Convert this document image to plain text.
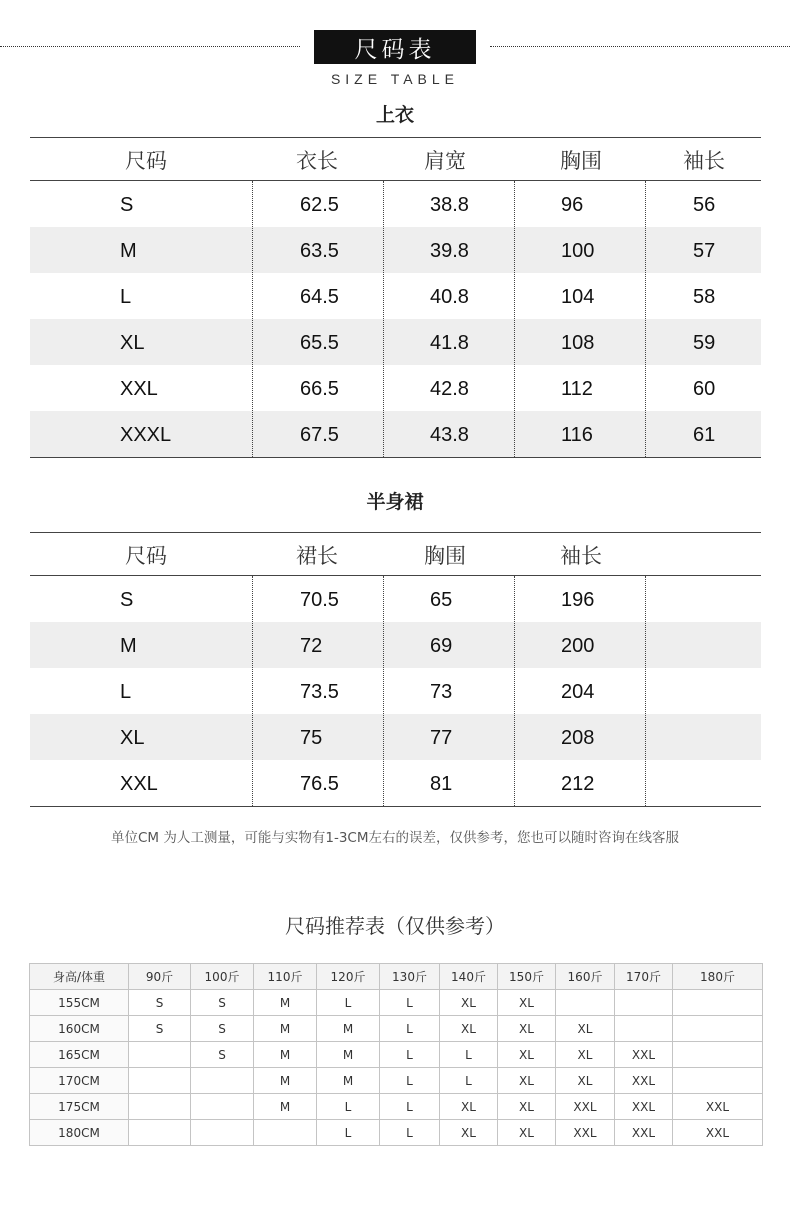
尺码表
SIZE TABLE
上衣
尺码	衣长	肩宽	胸围	袖长
S	62.5	38.8	96	56
M	63.5	39.8	100	57
L	64.5	40.8	104	58
XL	65.5	41.8	108	59
XXL	66.5	42.8	112	60
XXXL	67.5	43.8	116	61
半身裙
尺码	裙长	胸围	袖长
S	70.5	65	196
M	72	69	200
L	73.5	73	204
XL	75	77	208
XXL	76.5	81	212
单位CM 为人工测量，可能与实物有1-3CM左右的误差，仅供参考，您也可以随时咨询在线客服
尺码推荐表（仅供参考）
身高/体重	90斤	100斤	110斤	120斤	130斤	140斤	150斤	160斤	170斤	180斤
155CM	S	S	M	L	L	XL	XL			
160CM	S	S	M	M	L	XL	XL	XL		
165CM		S	M	M	L	L	XL	XL	XXL	
170CM			M	M	L	L	XL	XL	XXL	
175CM			M	L	L	XL	XL	XXL	XXL	XXL
180CM				L	L	XL	XL	XXL	XXL	XXL
